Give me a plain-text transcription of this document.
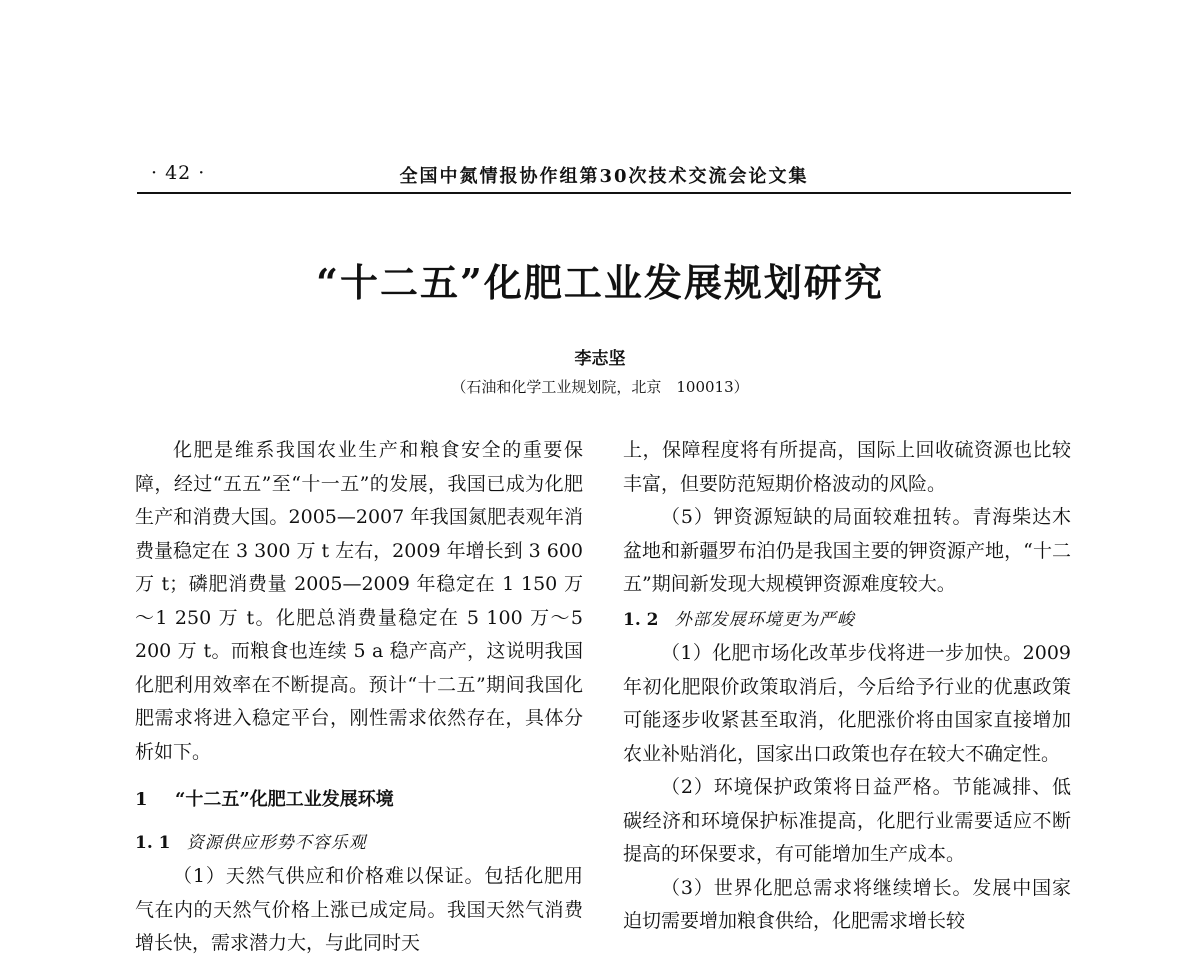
· 42 ·	全国中氮情报协作组第30次技术交流会论文集
“十二五”化肥工业发展规划研究
李志坚
（石油和化学工业规划院，北京　100013）

化肥是维系我国农业生产和粮食安全的重要保障，经过“五五”至“十一五”的发展，我国已成为化肥生产和消费大国。2005—2007 年我国氮肥表观年消费量稳定在 3 300 万 t 左右，2009 年增长到 3 600 万 t；磷肥消费量 2005—2009 年稳定在 1 150 万～1 250 万 t。化肥总消费量稳定在 5 100 万～5 200 万 t。而粮食也连续 5 a 稳产高产，这说明我国化肥利用效率在不断提高。预计“十二五”期间我国化肥需求将进入稳定平台，刚性需求依然存在，具体分析如下。

1 “十二五”化肥工业发展环境
1. 1 资源供应形势不容乐观

（1）天然气供应和价格难以保证。包括化肥用气在内的天然气价格上涨已成定局。我国天然气消费增长快，需求潜力大，与此同时天

上，保障程度将有所提高，国际上回收硫资源也比较丰富，但要防范短期价格波动的风险。

（5）钾资源短缺的局面较难扭转。青海柴达木盆地和新疆罗布泊仍是我国主要的钾资源产地，“十二五”期间新发现大规模钾资源难度较大。

1. 2 外部发展环境更为严峻

（1）化肥市场化改革步伐将进一步加快。2009 年初化肥限价政策取消后，今后给予行业的优惠政策可能逐步收紧甚至取消，化肥涨价将由国家直接增加农业补贴消化，国家出口政策也存在较大不确定性。

（2）环境保护政策将日益严格。节能减排、低碳经济和环境保护标准提高，化肥行业需要适应不断提高的环保要求，有可能增加生产成本。

（3）世界化肥总需求将继续增长。发展中国家迫切需要增加粮食供给，化肥需求增长较
